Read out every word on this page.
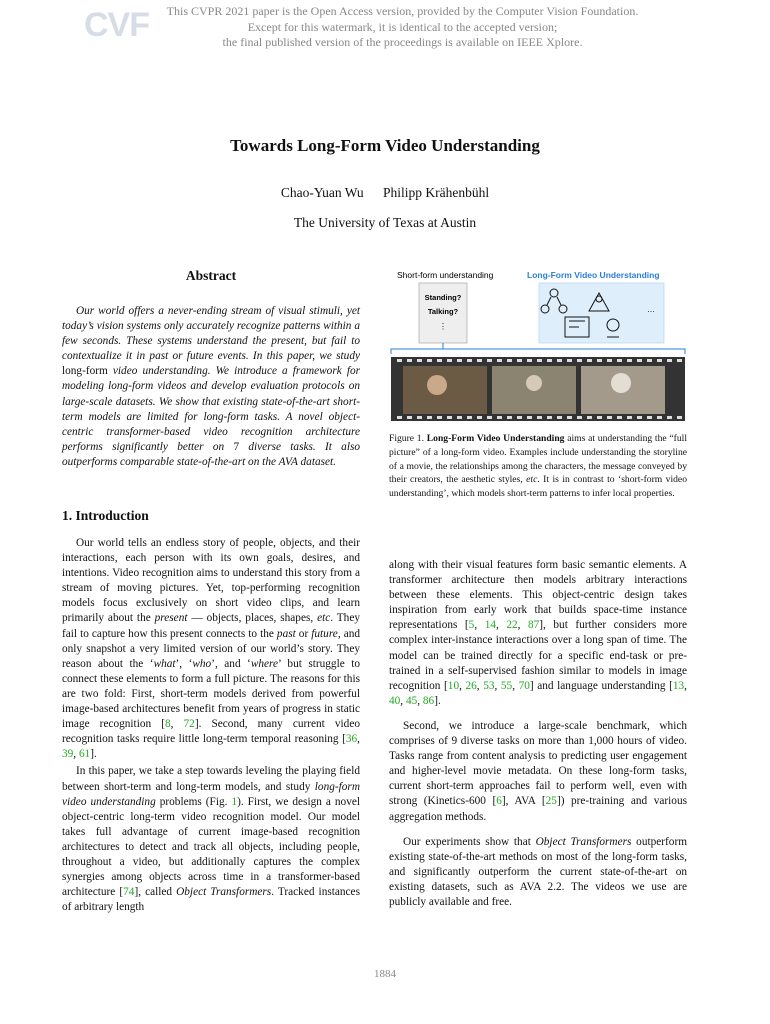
CVF	This CVPR 2021 paper is the Open Access version, provided by the Computer Vision Foundation.
Except for this watermark, it is identical to the accepted version;
the final published version of the proceedings is available on IEEE Xplore.
Towards Long-Form Video Understanding
Chao-Yuan Wu Philipp Krähenbühl
The University of Texas at Austin
Abstract

Our world offers a never-ending stream of visual stimuli, yet today’s vision systems only accurately recognize patterns within a few seconds. These systems understand the present, but fail to contextualize it in past or future events. In this paper, we study long-form video understanding. We introduce a framework for modeling long-form videos and develop evaluation protocols on large-scale datasets. We show that existing state-of-the-art short-term models are limited for long-form tasks. A novel object-centric transformer-based video recognition architecture performs significantly better on 7 diverse tasks. It also outperforms comparable state-of-the-art on the AVA dataset.

1. Introduction

Our world tells an endless story of people, objects, and their interactions, each person with its own goals, desires, and intentions. Video recognition aims to understand this story from a stream of moving pictures. Yet, top-performing recognition models focus exclusively on short video clips, and learn primarily about the present — objects, places, shapes, etc. They fail to capture how this present connects to the past or future, and only snapshot a very limited version of our world’s story. They reason about the ‘what’, ‘who’, and ‘where’ but struggle to connect these elements to form a full picture. The reasons for this are two fold: First, short-term models derived from powerful image-based architectures benefit from years of progress in static image recognition [8, 72]. Second, many current video recognition tasks require little long-term temporal reasoning [36, 39, 61].

In this paper, we take a step towards leveling the playing field between short-term and long-term models, and study long-form video understanding problems (Fig. 1). First, we design a novel object-centric long-term video recognition model. Our model takes full advantage of current image-based recognition architectures to detect and track all objects, including people, throughout a video, but additionally captures the complex synergies among objects across time in a transformer-based architecture [74], called Object Transformers. Tracked instances of arbitrary length

Short-form understanding	Long-Form Video Understanding
Standing?
Talking?
⋮
…
Figure 1. Long-Form Video Understanding aims at understanding the “full picture” of a long-form video. Examples include understanding the storyline of a movie, the relationships among the characters, the message conveyed by their creators, the aesthetic styles, etc. It is in contrast to ‘short-form video understanding’, which models short-term patterns to infer local properties.

along with their visual features form basic semantic elements. A transformer architecture then models arbitrary interactions between these elements. This object-centric design takes inspiration from early work that builds space-time instance representations [5, 14, 22, 87], but further considers more complex inter-instance interactions over a long span of time. The model can be trained directly for a specific end-task or pre-trained in a self-supervised fashion similar to models in image recognition [10, 26, 53, 55, 70] and language understanding [13, 40, 45, 86].

Second, we introduce a large-scale benchmark, which comprises of 9 diverse tasks on more than 1,000 hours of video. Tasks range from content analysis to predicting user engagement and higher-level movie metadata. On these long-form tasks, current short-term approaches fail to perform well, even with strong (Kinetics-600 [6], AVA [25]) pre-training and various aggregation methods.

Our experiments show that Object Transformers outperform existing state-of-the-art methods on most of the long-form tasks, and significantly outperform the current state-of-the-art on existing datasets, such as AVA 2.2. The videos we use are publicly available and free.

1884
